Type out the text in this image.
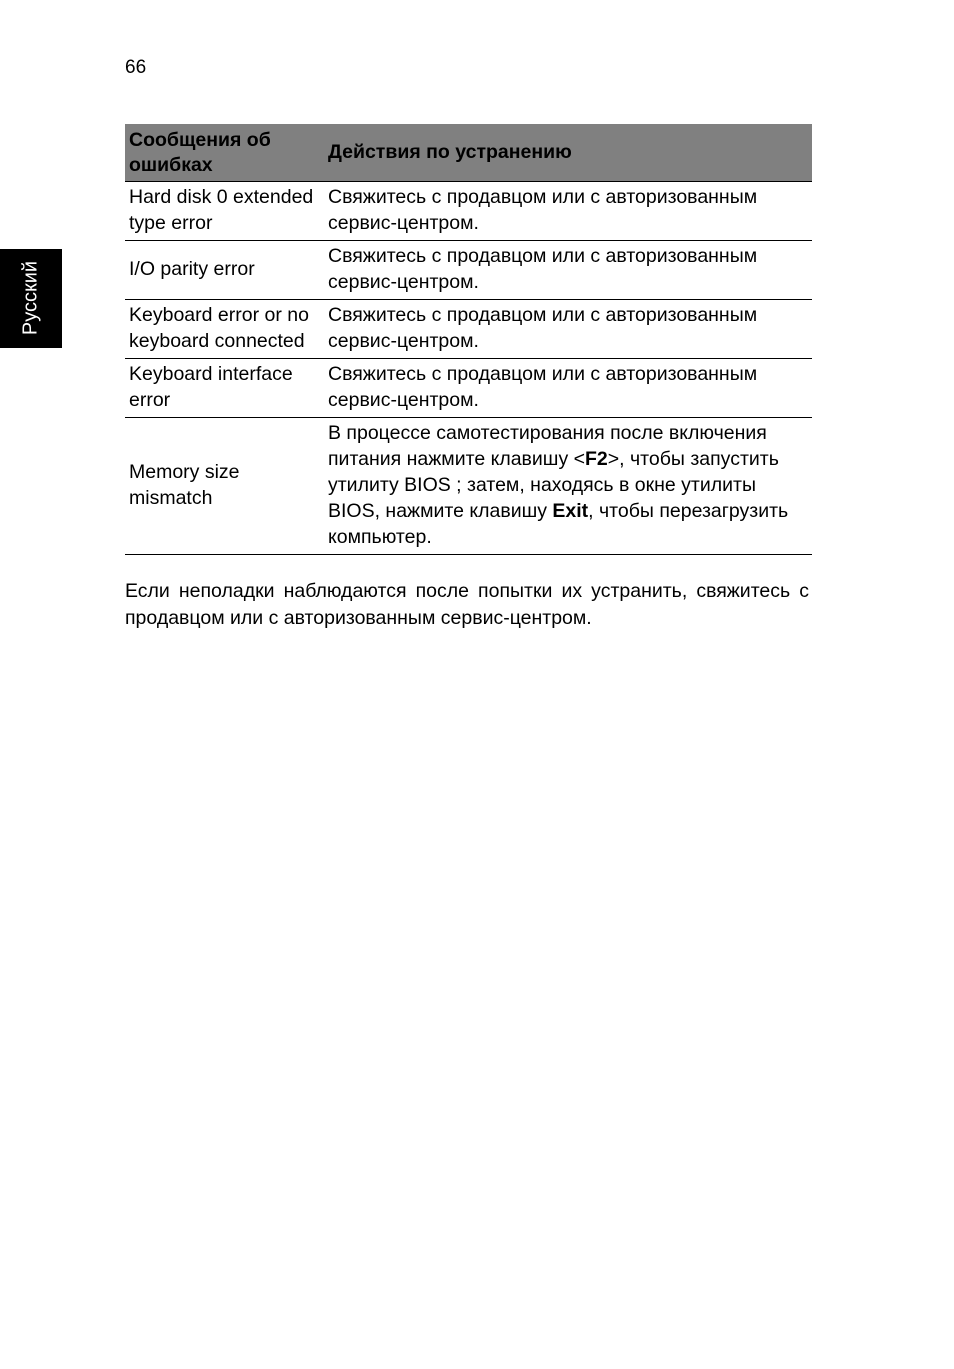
66
Русский
Сообщения об ошибках	Действия по устранению
Hard disk 0 extended type error	Свяжитесь с продавцом или с авторизованным сервис-центром.
I/O parity error	Свяжитесь с продавцом или с авторизованным сервис-центром.
Keyboard error or no keyboard connected	Свяжитесь с продавцом или с авторизованным сервис-центром.
Keyboard interface error	Свяжитесь с продавцом или с авторизованным сервис-центром.
Memory size mismatch	В процессе самотестирования после включения питания нажмите клавишу <F2>, чтобы запустить утилиту BIOS ; затем, находясь в окне утилиты BIOS, нажмите клавишу Exit, чтобы перезагрузить компьютер.
Если неполадки наблюдаются после попытки их устранить, свяжитесь с продавцом или с авторизованным сервис-центром.
